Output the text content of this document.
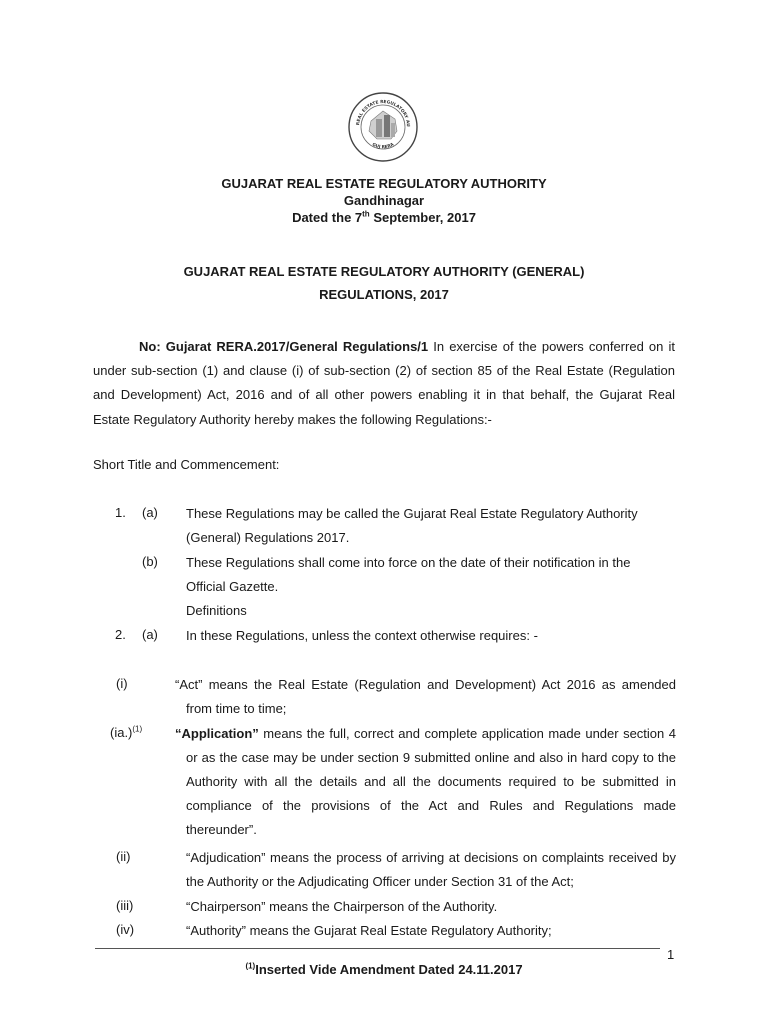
REAL ESTATE REGULATORY AU
GUJ RERA
GUJARAT REAL ESTATE REGULATORY AUTHORITY
Gandhinagar
Dated the 7th September, 2017
GUJARAT REAL ESTATE REGULATORY AUTHORITY (GENERAL)
REGULATIONS, 2017
No: Gujarat RERA.2017/General Regulations/1 In exercise of the powers conferred on it under sub-section (1) and clause (i) of sub-section (2) of section 85 of the Real Estate (Regulation and Development) Act, 2016 and of all other powers enabling it in that behalf, the Gujarat Real Estate Regulatory Authority hereby makes the following Regulations:-
Short Title and Commencement:
1. (a) These Regulations may be called the Gujarat Real Estate Regulatory Authority
(General) Regulations 2017.
(b) These Regulations shall come into force on the date of their notification in the
Official Gazette.
Definitions
2. (a) In these Regulations, unless the context otherwise requires: -
(i)	“Act” means the Real Estate (Regulation and Development) Act 2016 as amended from time to time;
$(ia.)^{(1)}$	“Application” means the full, correct and complete application made under section 4 or as the case may be under section 9 submitted online and also in hard copy to the Authority with all the details and all the documents required to be submitted in compliance of the provisions of the Act and Rules and Regulations made thereunder”.
(ii)	“Adjudication” means the process of arriving at decisions on complaints received by the Authority or the Adjudicating Officer under Section 31 of the Act;
(iii)	“Chairperson” means the Chairperson of the Authority.
(iv)	“Authority” means the Gujarat Real Estate Regulatory Authority;
1
$^{(1)}$Inserted Vide Amendment Dated 24.11.2017
